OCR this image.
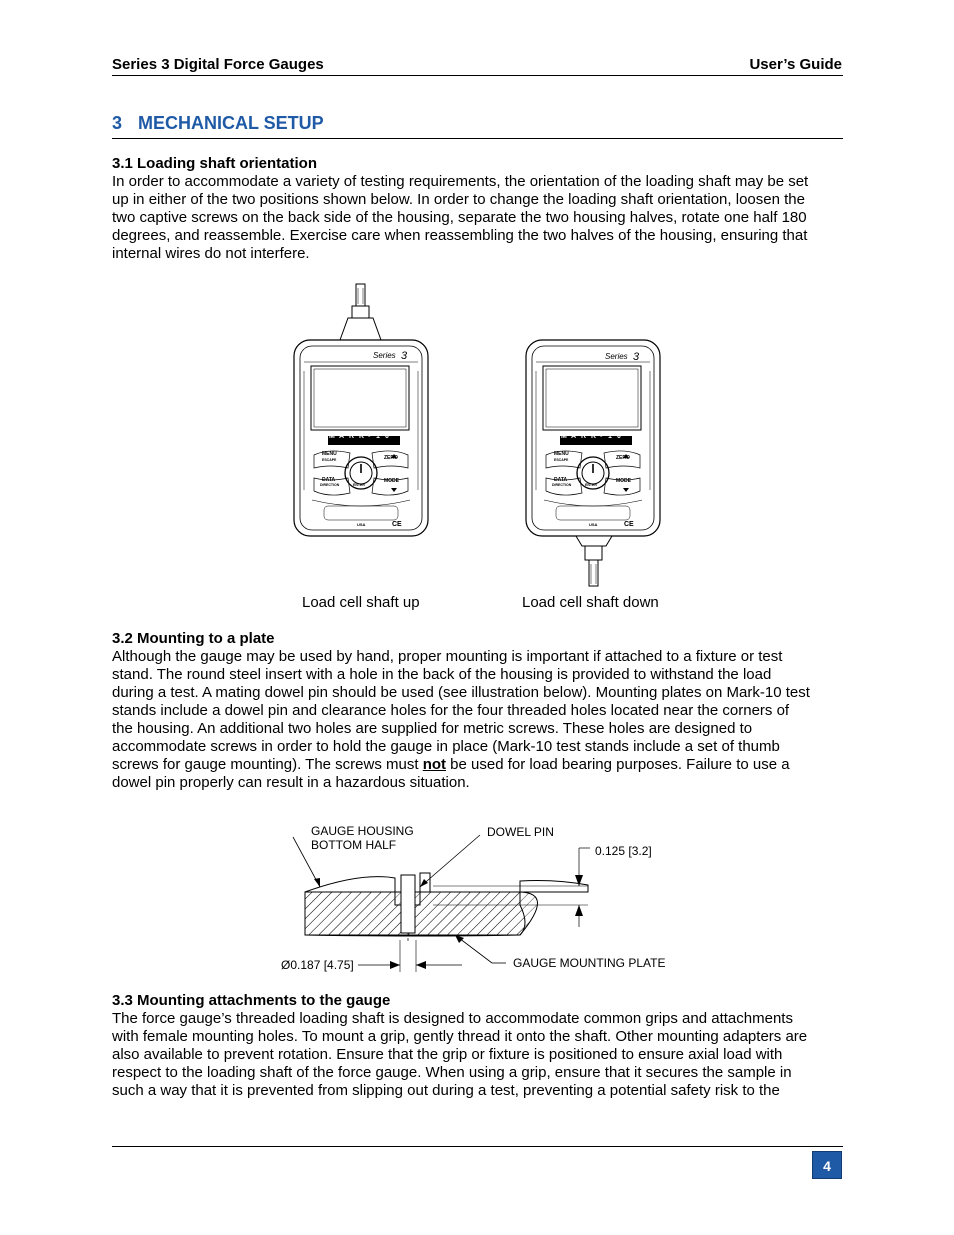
Series 3 Digital Force Gauges	User’s Guide
3 MECHANICAL SETUP
3.1 Loading shaft orientation

In order to accommodate a variety of testing requirements, the orientation of the loading shaft may be set

up in either of the two positions shown below. In order to change the loading shaft orientation, loosen the

two captive screws on the back side of the housing, separate the two housing halves, rotate one half 180

degrees, and reassemble. Exercise care when reassembling the two halves of the housing, ensuring that

internal wires do not interfere.

Series 3
M A R K - 1 0
MENU
ESCAPE	ZERO
DATA
DIRECTION	ENTER
MODE
USA	CE
Series 3
M A R K - 1 0
MENU
ESCAPE	ZERO
DATA
DIRECTION	ENTER
MODE
USA	CE
Load cell shaft up	Load cell shaft down
3.2 Mounting to a plate

Although the gauge may be used by hand, proper mounting is important if attached to a fixture or test

stand. The round steel insert with a hole in the back of the housing is provided to withstand the load

during a test. A mating dowel pin should be used (see illustration below). Mounting plates on Mark-10 test

stands include a dowel pin and clearance holes for the four threaded holes located near the corners of

the housing. An additional two holes are supplied for metric screws. These holes are designed to

accommodate screws in order to hold the gauge in place (Mark-10 test stands include a set of thumb

screws for gauge mounting). The screws must not be used for load bearing purposes. Failure to use a

dowel pin properly can result in a hazardous situation.

GAUGE HOUSING
BOTTOM HALF
DOWEL PIN
0.125 [3.2]
Ø0.187 [4.75]	GAUGE MOUNTING PLATE
3.3 Mounting attachments to the gauge

The force gauge’s threaded loading shaft is designed to accommodate common grips and attachments

with female mounting holes. To mount a grip, gently thread it onto the shaft. Other mounting adapters are

also available to prevent rotation. Ensure that the grip or fixture is positioned to ensure axial load with

respect to the loading shaft of the force gauge. When using a grip, ensure that it secures the sample in

such a way that it is prevented from slipping out during a test, preventing a potential safety risk to the

4
